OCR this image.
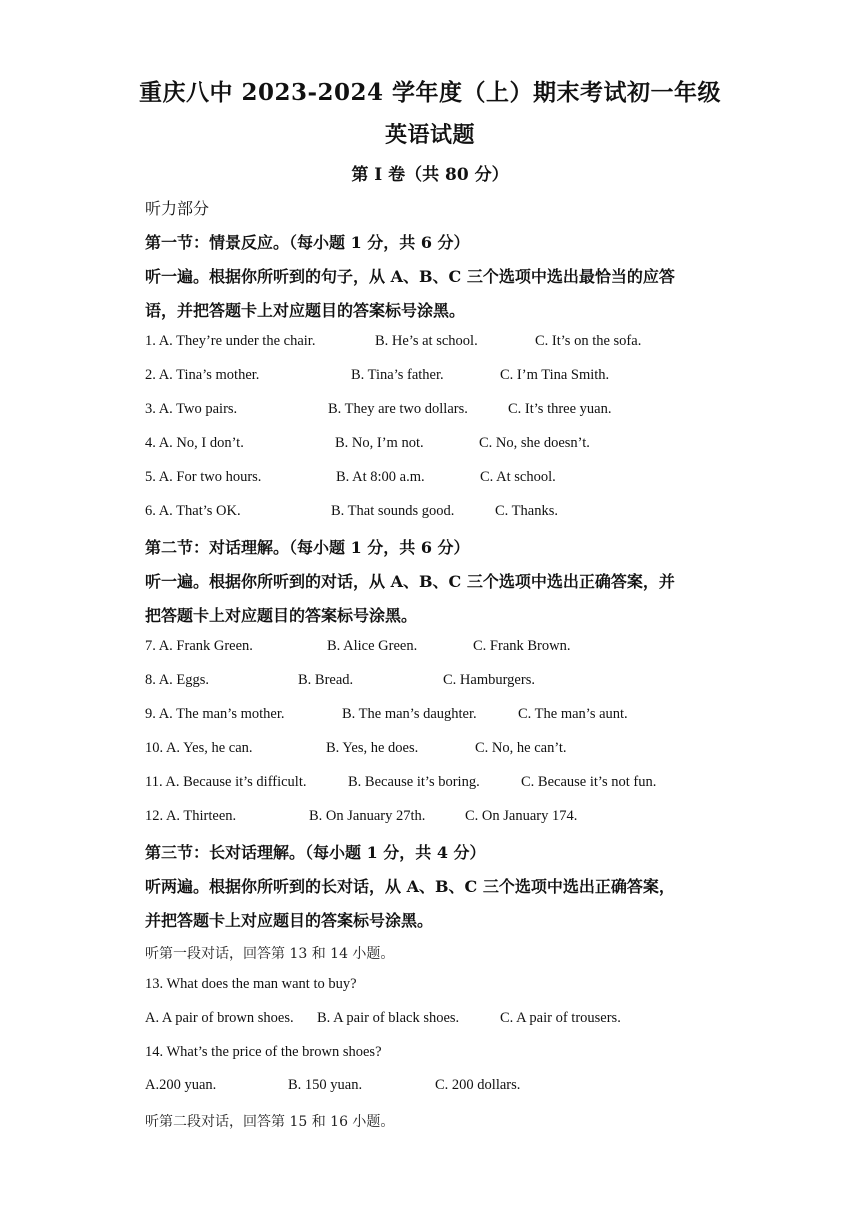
重庆八中 2023-2024 学年度（上）期末考试初一年级
英语试题
第 I 卷（共 80 分）
听力部分
第一节：情景反应。（每小题 1 分，共 6 分）
听一遍。根据你所听到的句子，从 A、B、C 三个选项中选出最恰当的应答
语，并把答题卡上对应题目的答案标号涂黑。
1. A. They’re under the chair.	B. He’s at school.	C. It’s on the sofa.
2. A. Tina’s mother.	B. Tina’s father.	C. I’m Tina Smith.
3. A. Two pairs.	B. They are two dollars.	C. It’s three yuan.
4. A. No, I don’t.	B. No, I’m not.	C. No, she doesn’t.
5. A. For two hours.	B. At 8:00 a.m.	C. At school.
6. A. That’s OK.	B. That sounds good.	C. Thanks.
第二节：对话理解。（每小题 1 分，共 6 分）
听一遍。根据你所听到的对话，从 A、B、C 三个选项中选出正确答案，并
把答题卡上对应题目的答案标号涂黑。
7. A. Frank Green.	B. Alice Green.	C. Frank Brown.
8. A. Eggs.	B. Bread.	C. Hamburgers.
9. A. The man’s mother.	B. The man’s daughter.	C. The man’s aunt.
10. A. Yes, he can.	B. Yes, he does.	C. No, he can’t.
11. A. Because it’s difficult.	B. Because it’s boring.	C. Because it’s not fun.
12. A. Thirteen.	B. On January 27th.	C. On January 174.
第三节：长对话理解。（每小题 1 分，共 4 分）
听两遍。根据你所听到的长对话，从 A、B、C 三个选项中选出正确答案，
并把答题卡上对应题目的答案标号涂黑。
听第一段对话，回答第 13 和 14 小题。
13. What does the man want to buy?
A. A pair of brown shoes. B. A pair of black shoes.	C. A pair of trousers.
14. What’s the price of the brown shoes?
A.200 yuan.	B. 150 yuan.	C. 200 dollars.
听第二段对话，回答第 15 和 16 小题。
